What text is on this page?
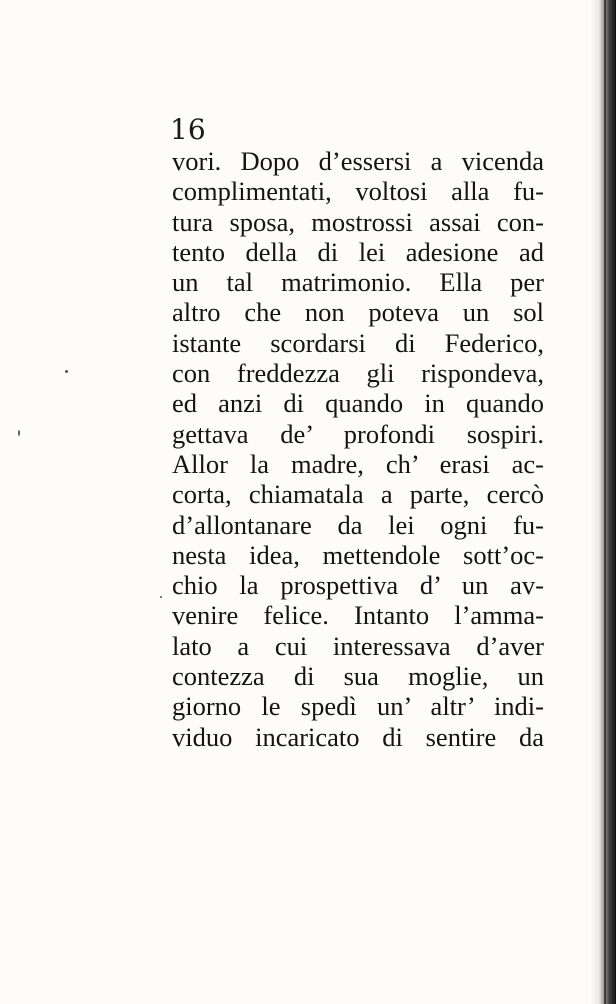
16
vori. Dopo d’essersi a vicenda
complimentati, voltosi alla fu-
tura sposa, mostrossi assai con-
tento della di lei adesione ad
un tal matrimonio. Ella per
altro che non poteva un sol
istante scordarsi di Federico,
con freddezza gli rispondeva,
ed anzi di quando in quando
gettava de’ profondi sospiri.
Allor la madre, ch’ erasi ac-
corta, chiamatala a parte, cercò
d’allontanare da lei ogni fu-
nesta idea, mettendole sott’oc-
chio la prospettiva d’ un av-
venire felice. Intanto l’amma-
lato a cui interessava d’aver
contezza di sua moglie, un
giorno le spedì un’ altr’ indi-
viduo incaricato di sentire da
